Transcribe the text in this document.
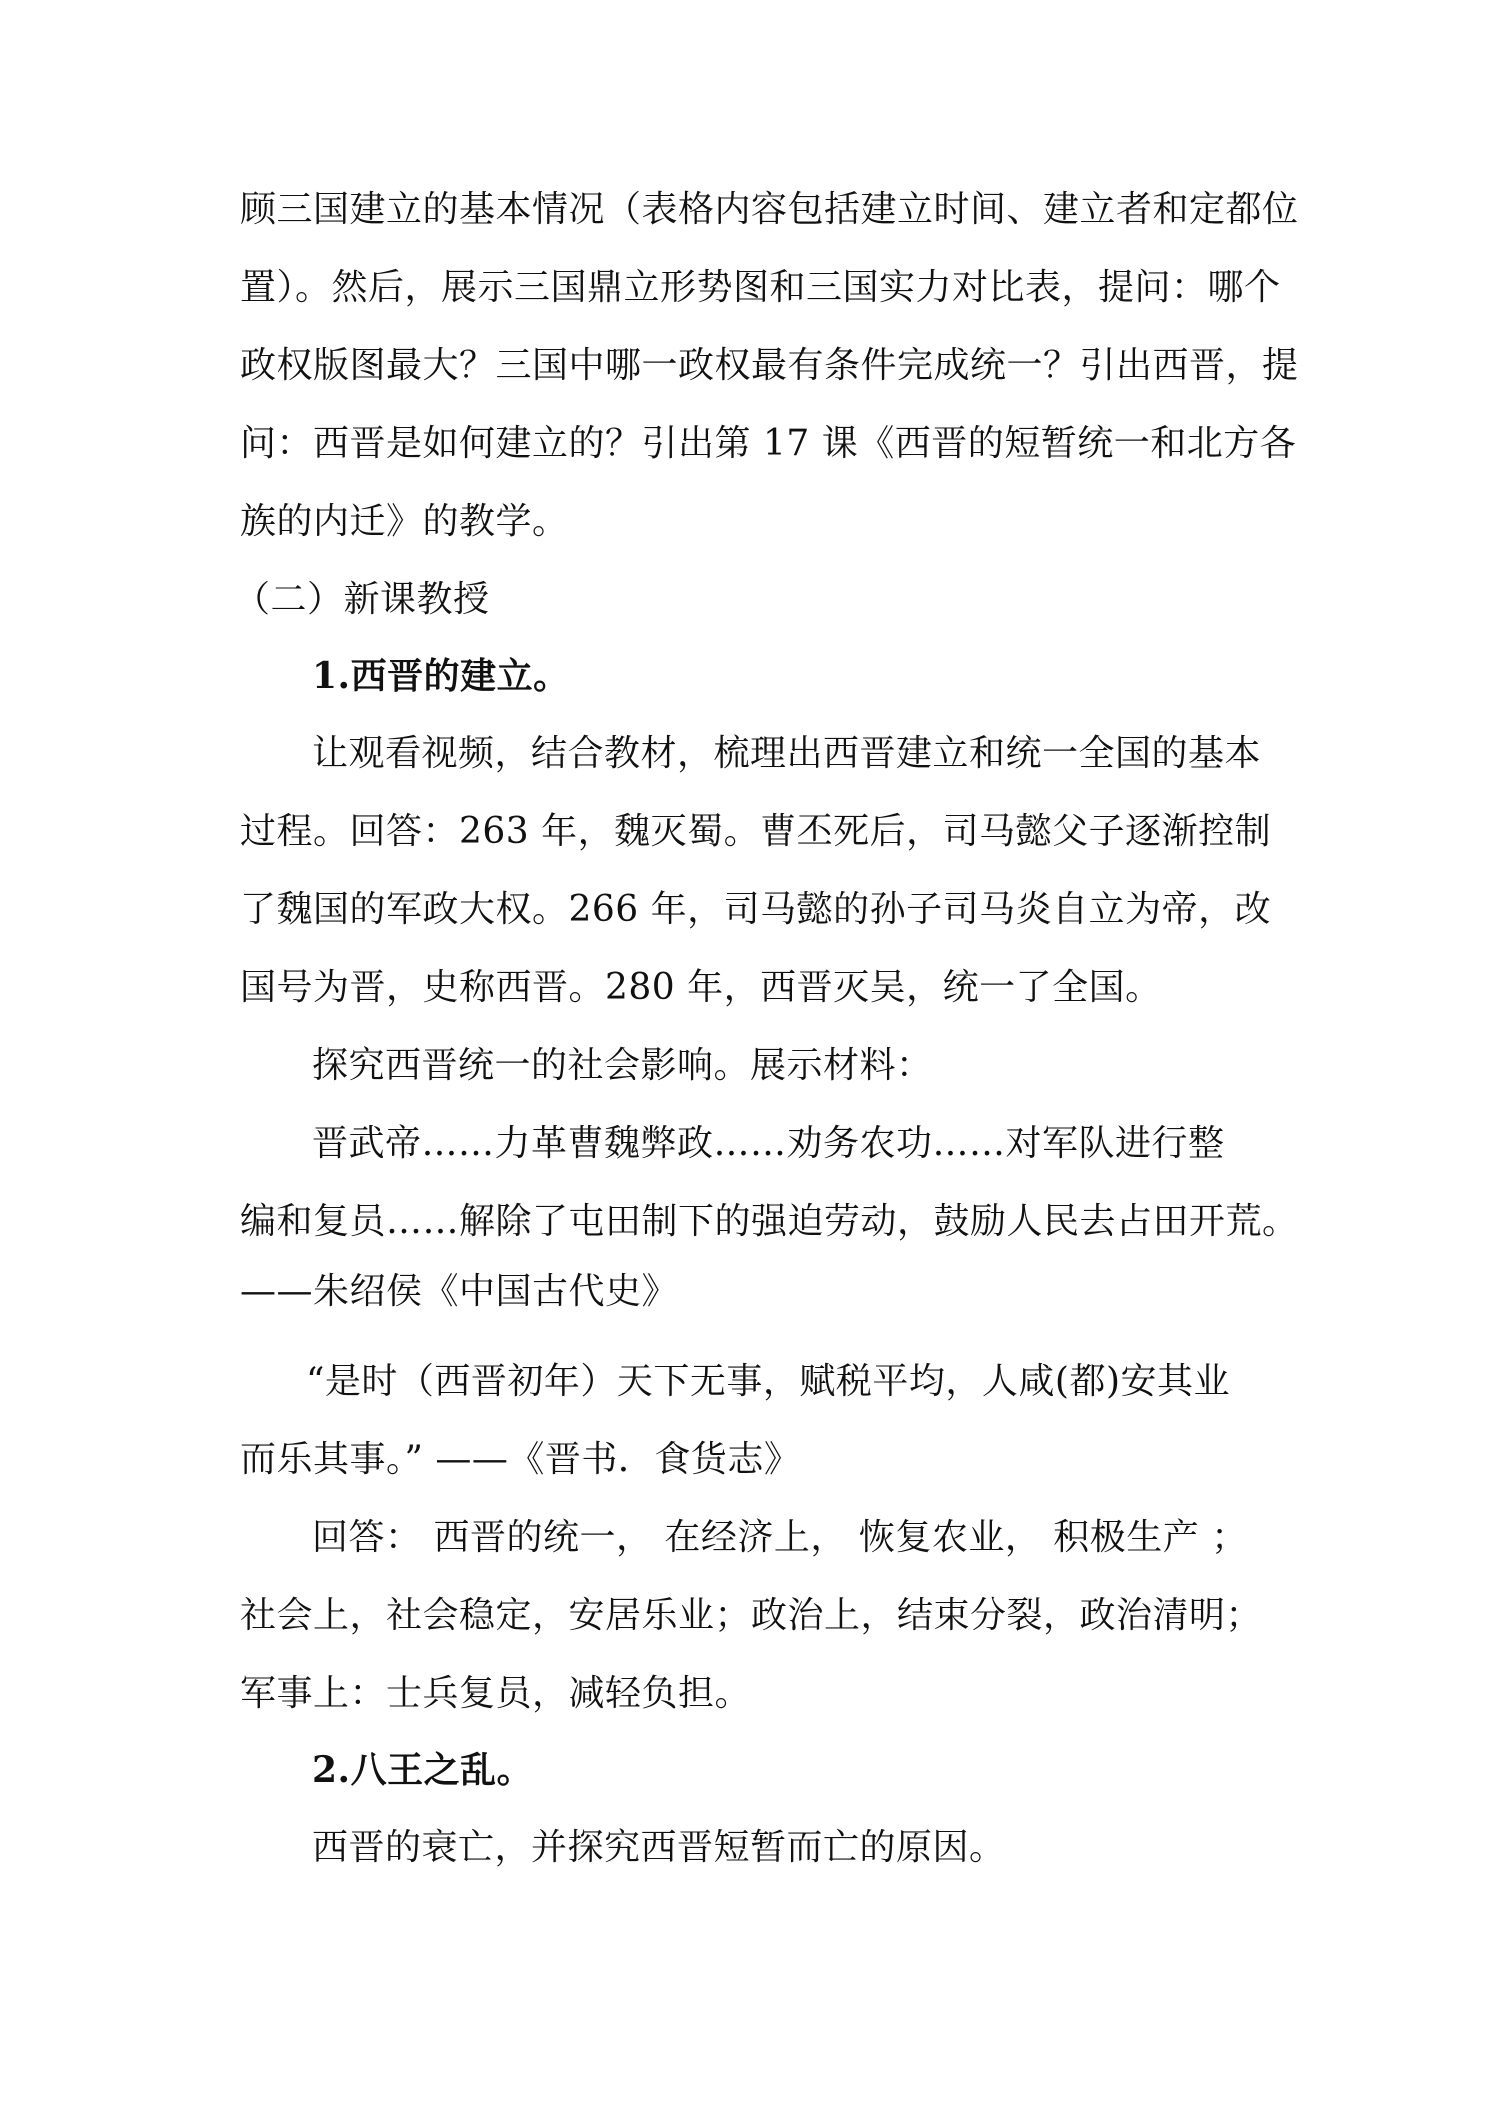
顾三国建立的基本情况（表格内容包括建立时间、建立者和定都位
置）。然后，展示三国鼎立形势图和三国实力对比表，提问：哪个
政权版图最大？三国中哪一政权最有条件完成统一？引出西晋，提
问：西晋是如何建立的？引出第 17 课《西晋的短暂统一和北方各
族的内迁》的教学。
（二）新课教授
1.西晋的建立。
让观看视频，结合教材，梳理出西晋建立和统一全国的基本
过程。回答：263 年，魏灭蜀。曹丕死后，司马懿父子逐渐控制
了魏国的军政大权。266 年，司马懿的孙子司马炎自立为帝，改
国号为晋，史称西晋。280 年，西晋灭吴，统一了全国。
探究西晋统一的社会影响。展示材料：
晋武帝……力革曹魏弊政……劝务农功……对军队进行整
编和复员……解除了屯田制下的强迫劳动，鼓励人民去占田开荒。
——朱绍侯《中国古代史》
“是时（西晋初年）天下无事，赋税平均，人咸(都)安其业
而乐其事。” ——《晋书．食货志》
回答： 西晋的统一， 在经济上， 恢复农业， 积极生产 ；
社会上，社会稳定，安居乐业；政治上，结束分裂，政治清明；
军事上：士兵复员，减轻负担。
2.八王之乱。
西晋的衰亡，并探究西晋短暂而亡的原因。
